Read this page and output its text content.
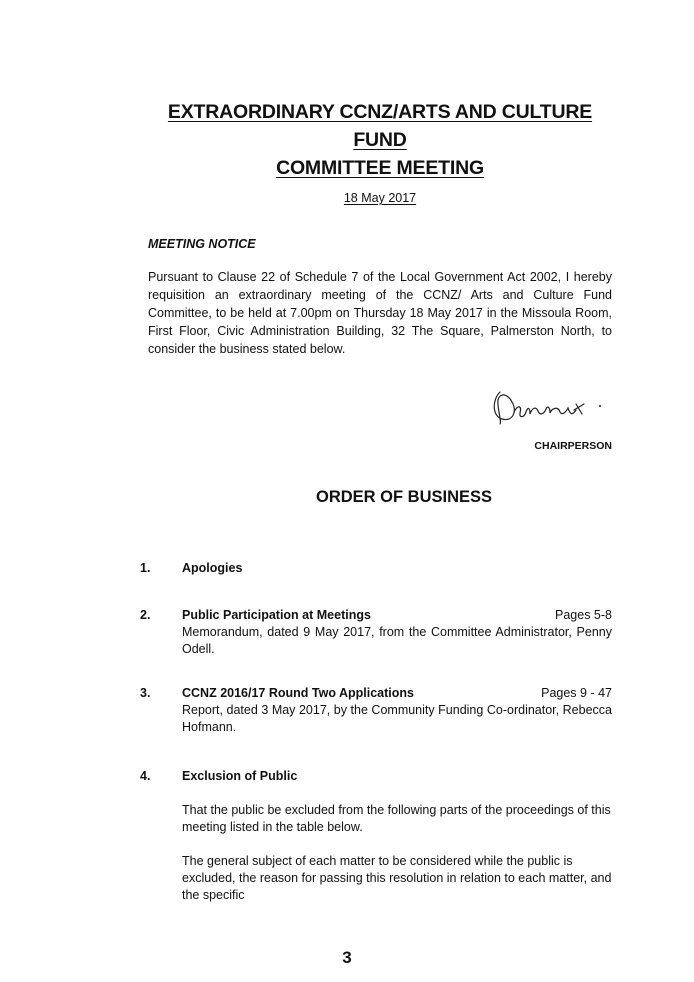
EXTRAORDINARY CCNZ/ARTS AND CULTURE FUND
COMMITTEE MEETING
18 May 2017
MEETING NOTICE
Pursuant to Clause 22 of Schedule 7 of the Local Government Act 2002, I hereby requisition an extraordinary meeting of the CCNZ/ Arts and Culture Fund Committee, to be held at 7.00pm on Thursday 18 May 2017 in the Missoula Room, First Floor, Civic Administration Building, 32 The Square, Palmerston North, to consider the business stated below.
CHAIRPERSON
ORDER OF BUSINESS
1.	Apologies
2.	Public Participation at Meetings	Pages 5-8
Memorandum, dated 9 May 2017, from the Committee Administrator, Penny Odell.
3.	CCNZ 2016/17 Round Two Applications	Pages 9 - 47
Report, dated 3 May 2017, by the Community Funding Co-ordinator, Rebecca Hofmann.
4.	Exclusion of Public
That the public be excluded from the following parts of the proceedings of this meeting listed in the table below.
The general subject of each matter to be considered while the public is excluded, the reason for passing this resolution in relation to each matter, and the specific
3
